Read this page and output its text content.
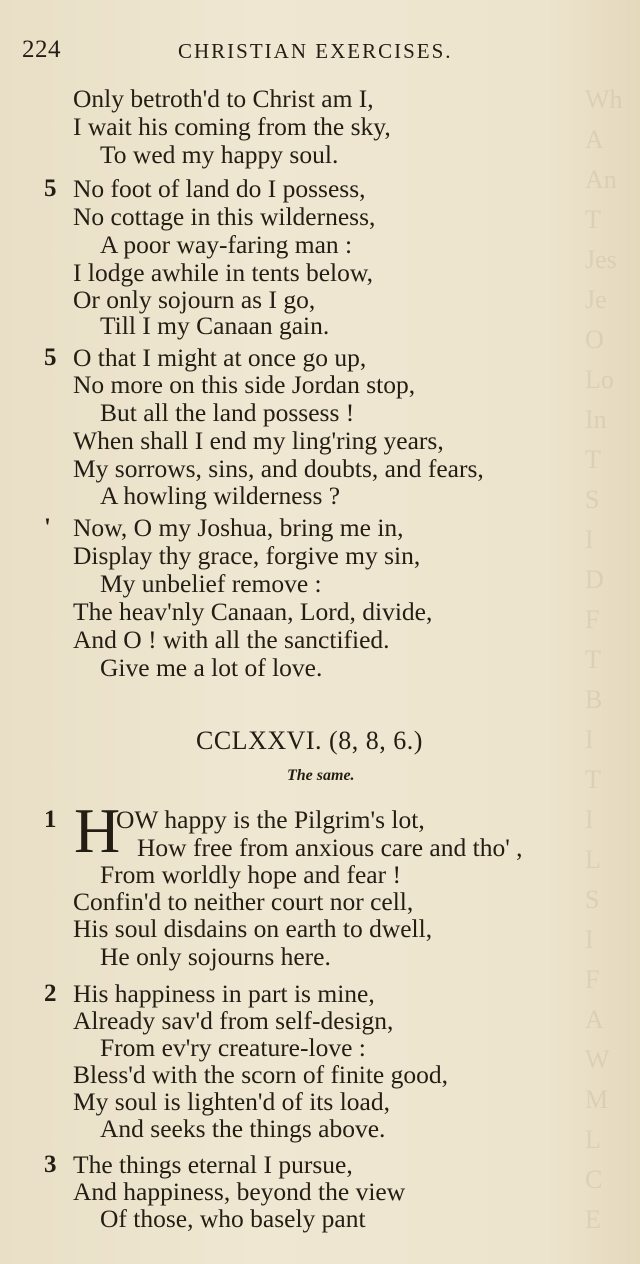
Wh
A
An
T
Jes
Je
O
Lo
In
T
S
I
D
F
T
B
I
T
I
L
S
I
F
A
W
M
L
C
E
224	CHRISTIAN EXERCISES.
Only betroth'd to Christ am I,
I wait his coming from the sky,
To wed my happy soul.
5 No foot of land do I possess,
No cottage in this wilderness,
A poor way-faring man :
I lodge awhile in tents below,
Or only sojourn as I go,
Till I my Canaan gain.
5 O that I might at once go up,
No more on this side Jordan stop,
But all the land possess !
When shall I end my ling'ring years,
My sorrows, sins, and doubts, and fears,
A howling wilderness ?
' Now, O my Joshua, bring me in,
Display thy grace, forgive my sin,
My unbelief remove :
The heav'nly Canaan, Lord, divide,
And O ! with all the sanctified.
Give me a lot of love.
CCLXXVI. (8, 8, 6.)
The same.
1 H
OW happy is the Pilgrim's lot,
How free from anxious care and tho' ,
From worldly hope and fear !
Confin'd to neither court nor cell,
His soul disdains on earth to dwell,
He only sojourns here.
2 His happiness in part is mine,
Already sav'd from self-design,
From ev'ry creature-love :
Bless'd with the scorn of finite good,
My soul is lighten'd of its load,
And seeks the things above.
3 The things eternal I pursue,
And happiness, beyond the view
Of those, who basely pant
